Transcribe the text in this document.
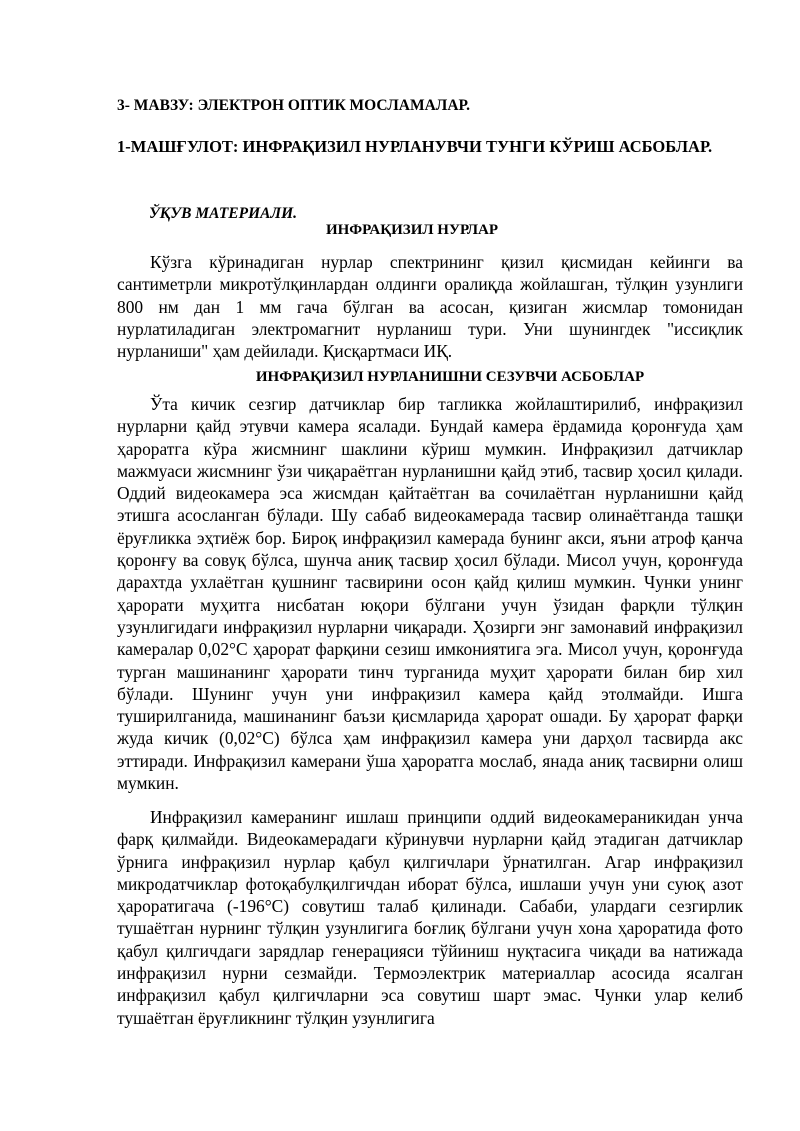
3- МАВЗУ: ЭЛЕКТРОН ОПТИК МОСЛАМАЛАР.
1-МАШҒУЛОТ: ИНФРАҚИЗИЛ НУРЛАНУВЧИ ТУНГИ КЎРИШ АСБОБЛАР.
ЎҚУВ МАТЕРИАЛИ.
ИНФРАҚИЗИЛ НУРЛАР

Кўзга кўринадиган нурлар спектрининг қизил қисмидан кейинги ва сантиметрли микротўлқинлардан олдинги оралиқда жойлашган, тўлқин узунлиги 800 нм дан 1 мм гача бўлган ва асосан, қизиган жисмлар томонидан нурлатиладиган электромагнит нурланиш тури. Уни шунингдек "иссиқлик нурланиши" ҳам дейилади. Қисқартмаси ИҚ.

ИНФРАҚИЗИЛ НУРЛАНИШНИ СЕЗУВЧИ АСБОБЛАР

Ўта кичик сезгир датчиклар бир тагликка жойлаштирилиб, инфрақизил нурларни қайд этувчи камера ясалади. Бундай камера ёрдамида қоронғуда ҳам ҳароратга кўра жисмнинг шаклини кўриш мумкин. Инфрақизил датчиклар мажмуаси жисмнинг ўзи чиқараётган нурланишни қайд этиб, тасвир ҳосил қилади. Оддий видеокамера эса жисмдан қайтаётган ва сочилаётган нурланишни қайд этишга асосланган бўлади. Шу сабаб видеокамерада тасвир олинаётганда ташқи ёруғликка эҳтиёж бор. Бироқ инфрақизил камерада бунинг акси, яъни атроф қанча қоронғу ва совуқ бўлса, шунча аниқ тасвир ҳосил бўлади. Мисол учун, қоронғуда дарахтда ухлаётган қушнинг тасвирини осон қайд қилиш мумкин. Чунки унинг ҳарорати муҳитга нисбатан юқори бўлгани учун ўзидан фарқли тўлқин узунлигидаги инфрақизил нурларни чиқаради. Ҳозирги энг замонавий инфрақизил камералар 0,02°С ҳарорат фарқини сезиш имкониятига эга. Мисол учун, қоронғуда турган машинанинг ҳарорати тинч турганида муҳит ҳарорати билан бир хил бўлади. Шунинг учун уни инфрақизил камера қайд этолмайди. Ишга туширилганида, машинанинг баъзи қисмларида ҳарорат ошади. Бу ҳарорат фарқи жуда кичик (0,02°С) бўлса ҳам инфрақизил камера уни дарҳол тасвирда акс эттиради. Инфрақизил камерани ўша ҳароратга мослаб, янада аниқ тасвирни олиш мумкин.

Инфрақизил камеранинг ишлаш принципи оддий видеокамераникидан унча фарқ қилмайди. Видеокамерадаги кўринувчи нурларни қайд этадиган датчиклар ўрнига инфрақизил нурлар қабул қилгичлари ўрнатилган. Агар инфрақизил микродатчиклар фотоқабулқилгичдан иборат бўлса, ишлаши учун уни суюқ азот ҳароратигача (-196°С) совутиш талаб қилинади. Сабаби, улардаги сезгирлик тушаётган нурнинг тўлқин узунлигига боғлиқ бўлгани учун хона ҳароратида фото қабул қилгичдаги зарядлар генерацияси тўйиниш нуқтасига чиқади ва натижада инфрақизил нурни сезмайди. Термоэлектрик материаллар асосида ясалган инфрақизил қабул қилгичларни эса совутиш шарт эмас. Чунки улар келиб тушаётган ёруғликнинг тўлқин узунлигига
